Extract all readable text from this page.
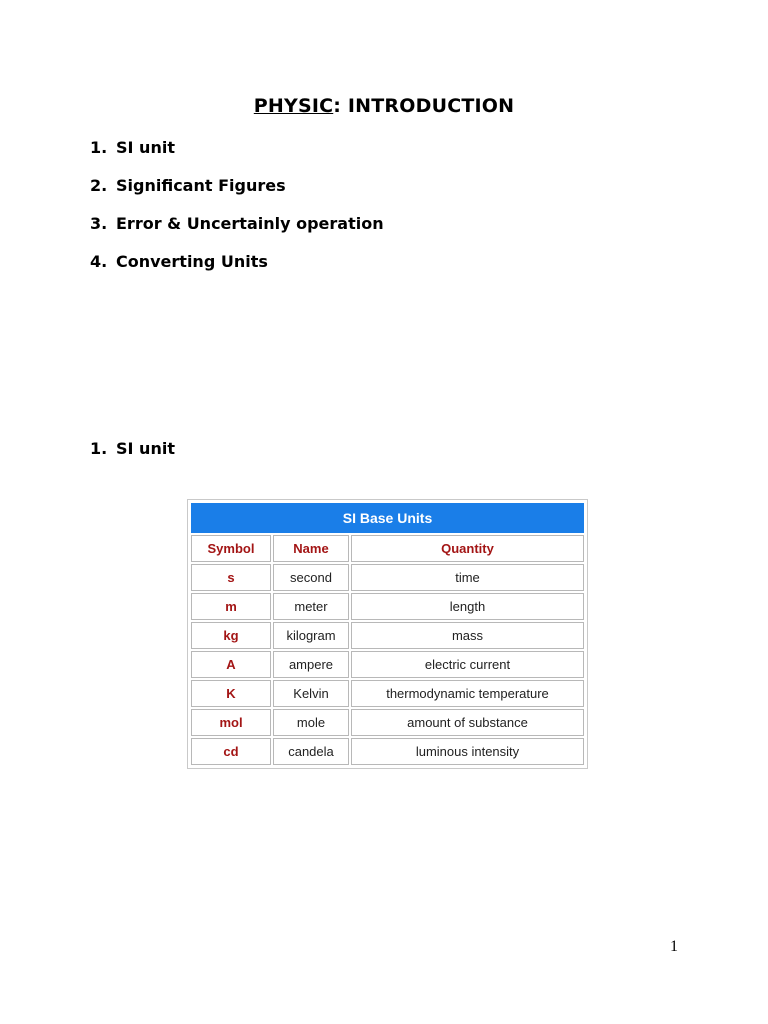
PHYSIC: INTRODUCTION
1. SI unit
2. Significant Figures
3. Error & Uncertainly operation
4. Converting Units
1. SI unit
SI Base Units		
Symbol	Name	Quantity
s	second	time
m	meter	length
kg	kilogram	mass
A	ampere	electric current
K	Kelvin	thermodynamic temperature
mol	mole	amount of substance
cd	candela	luminous intensity
1
